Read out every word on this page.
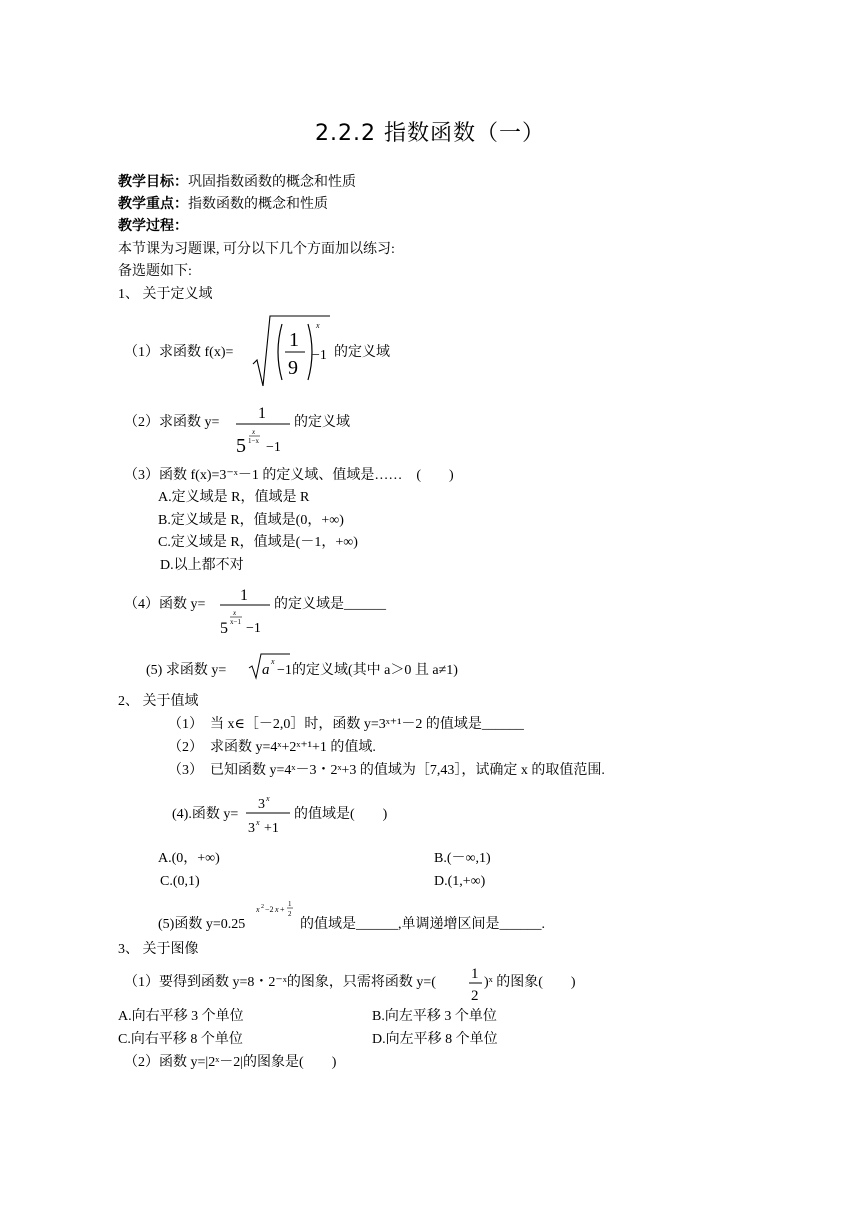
2.2.2 指数函数（一）
教学目标：巩固指数函数的概念和性质
教学重点：指数函数的概念和性质
教学过程：
本节课为习题课, 可分以下几个方面加以练习:
备选题如下:
1、 关于定义域
（1）求函数 f(x)=
1
9
x
−1 的定义域
（2）求函数 y=
1
5
x
1−x −1
的定义域
（3）函数 f(x)=3⁻ˣ－1 的定义域、值域是……　(　　)
A.定义域是 R，值域是 R
B.定义域是 R，值域是(0，+∞)
C.定义域是 R，值域是(－1，+∞)
D.以上都不对
（4）函数 y=
1
5
x
x−1 −1
的定义域是______
(5) 求函数 y= a
x
−1 的定义域(其中 a＞0 且 a≠1)
2、 关于值域
（1）　当 x∈［－2,0］时，函数 y=3ˣ⁺¹－2 的值域是______
（2）　求函数 y=4ˣ+2ˣ⁺¹+1 的值域.
（3）　已知函数 y=4ˣ－3・2ˣ+3 的值域为［7,43］，试确定 x 的取值范围.
(4).函数 y=
3 x
3 x +1
的值域是(　　)
A.(0，+∞)	B.(－∞,1)
C.(0,1)	D.(1,+∞)
(5)函数 y=0.25
x 2 −2 x +
1
2
的值域是______,单调递增区间是______.
3、 关于图像
（1）要得到函数 y=8・2⁻ˣ的图象，只需将函数 y=(
1
2
)ˣ 的图象(　　)
A.向右平移 3 个单位	B.向左平移 3 个单位
C.向右平移 8 个单位	D.向左平移 8 个单位
（2）函数 y=|2ˣ－2|的图象是(　　)
